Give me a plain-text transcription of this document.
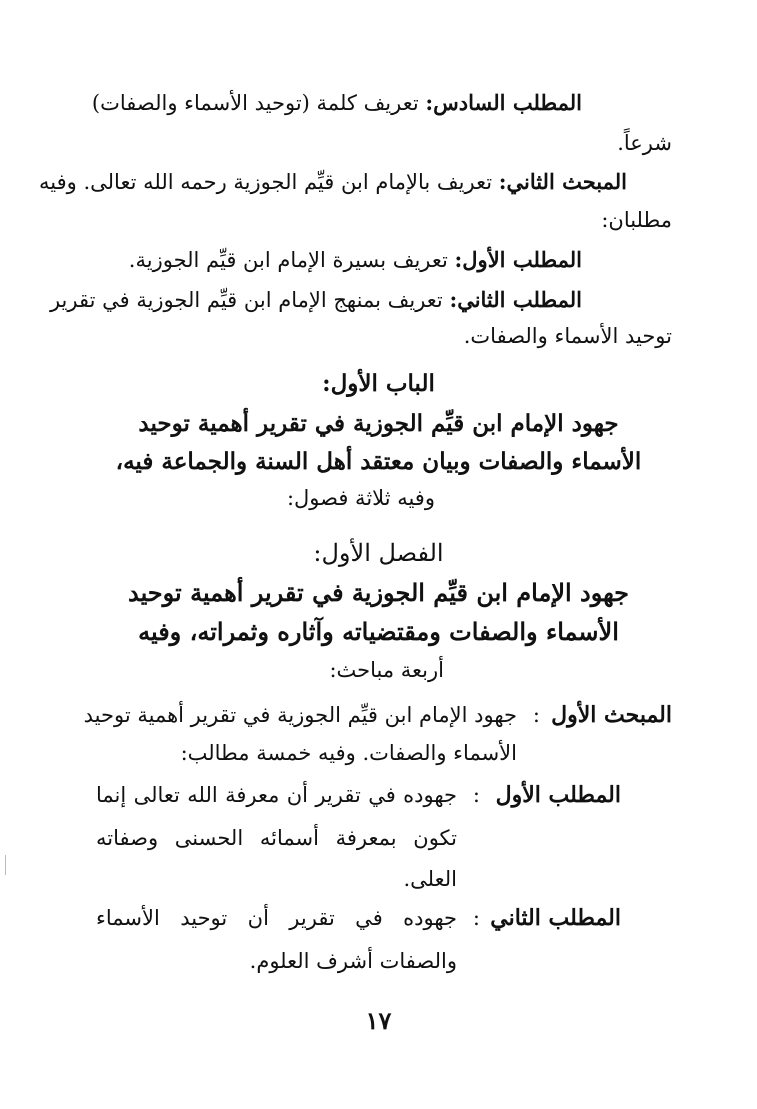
المطلب السادس: تعريف كلمة (توحيد الأسماء والصفات)
شرعاً.
المبحث الثاني: تعريف بالإمام ابن قيِّم الجوزية رحمه الله تعالى. وفيه
مطلبان:
المطلب الأول: تعريف بسيرة الإمام ابن قيِّم الجوزية.
المطلب الثاني: تعريف بمنهج الإمام ابن قيِّم الجوزية في تقرير
توحيد الأسماء والصفات.
الباب الأول:
جهود الإمام ابن قيِّم الجوزية في تقرير أهمية توحيد
الأسماء والصفات وبيان معتقد أهل السنة والجماعة فيه،
وفيه ثلاثة فصول:
الفصل الأول:
جهود الإمام ابن قيِّم الجوزية في تقرير أهمية توحيد
الأسماء والصفات ومقتضياته وآثاره وثمراته، وفيه
أربعة مباحث:
المبحث الأول
:
جهود الإمام ابن قيِّم الجوزية في تقرير أهمية توحيد
الأسماء والصفات. وفيه خمسة مطالب:
المطلب الأول
:
جهوده في تقرير أن معرفة الله تعالى إنما
تكون بمعرفة أسمائه الحسنى وصفاته
العلى.
المطلب الثاني
:
جهوده في تقرير أن توحيد الأسماء
والصفات أشرف العلوم.
١٧
